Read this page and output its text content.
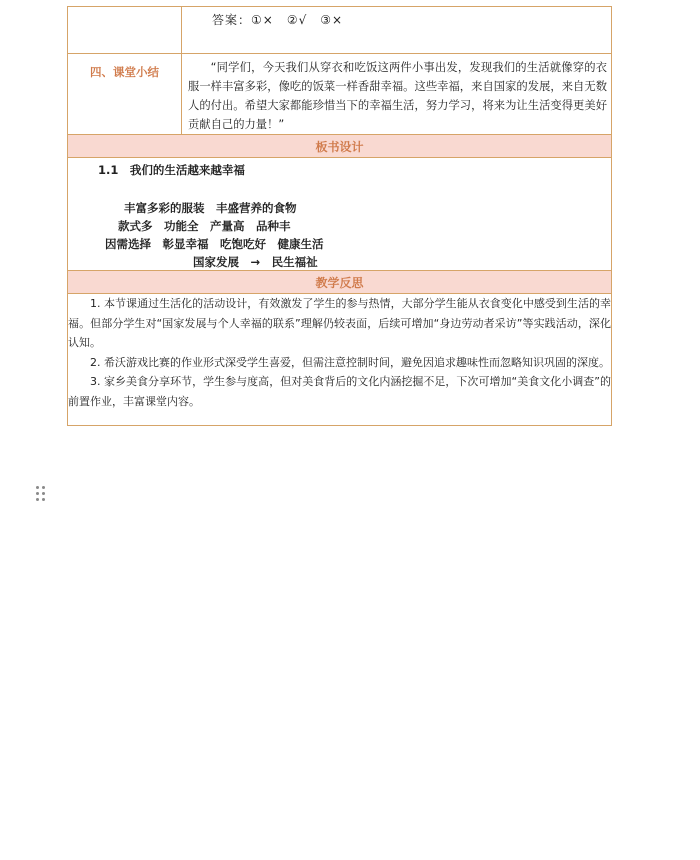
	答案：①×　②√　③×

四、课堂小结	“同学们，今天我们从穿衣和吃饭这两件小事出发，发现我们的生活就像穿的衣服一样丰富多彩，像吃的饭菜一样香甜幸福。这些幸福，来自国家的发展，来自无数人的付出。希望大家都能珍惜当下的幸福生活，努力学习，将来为让生活变得更美好贡献自己的力量！”

板书设计	

1.1　我们的生活越来越幸福
丰富多彩的服装　丰盛营养的食物
款式多　功能全　产量高　品种丰
因需选择　彰显幸福　吃饱吃好　健康生活
国家发展　→　民生福祉	

教学反思	

1. 本节课通过生活化的活动设计，有效激发了学生的参与热情，大部分学生能从衣食变化中感受到生活的幸福。但部分学生对“国家发展与个人幸福的联系”理解仍较表面，后续可增加“身边劳动者采访”等实践活动，深化认知。

2. 希沃游戏比赛的作业形式深受学生喜爱，但需注意控制时间，避免因追求趣味性而忽略知识巩固的深度。

3. 家乡美食分享环节，学生参与度高，但对美食背后的文化内涵挖掘不足，下次可增加“美食文化小调查”的前置作业，丰富课堂内容。	
